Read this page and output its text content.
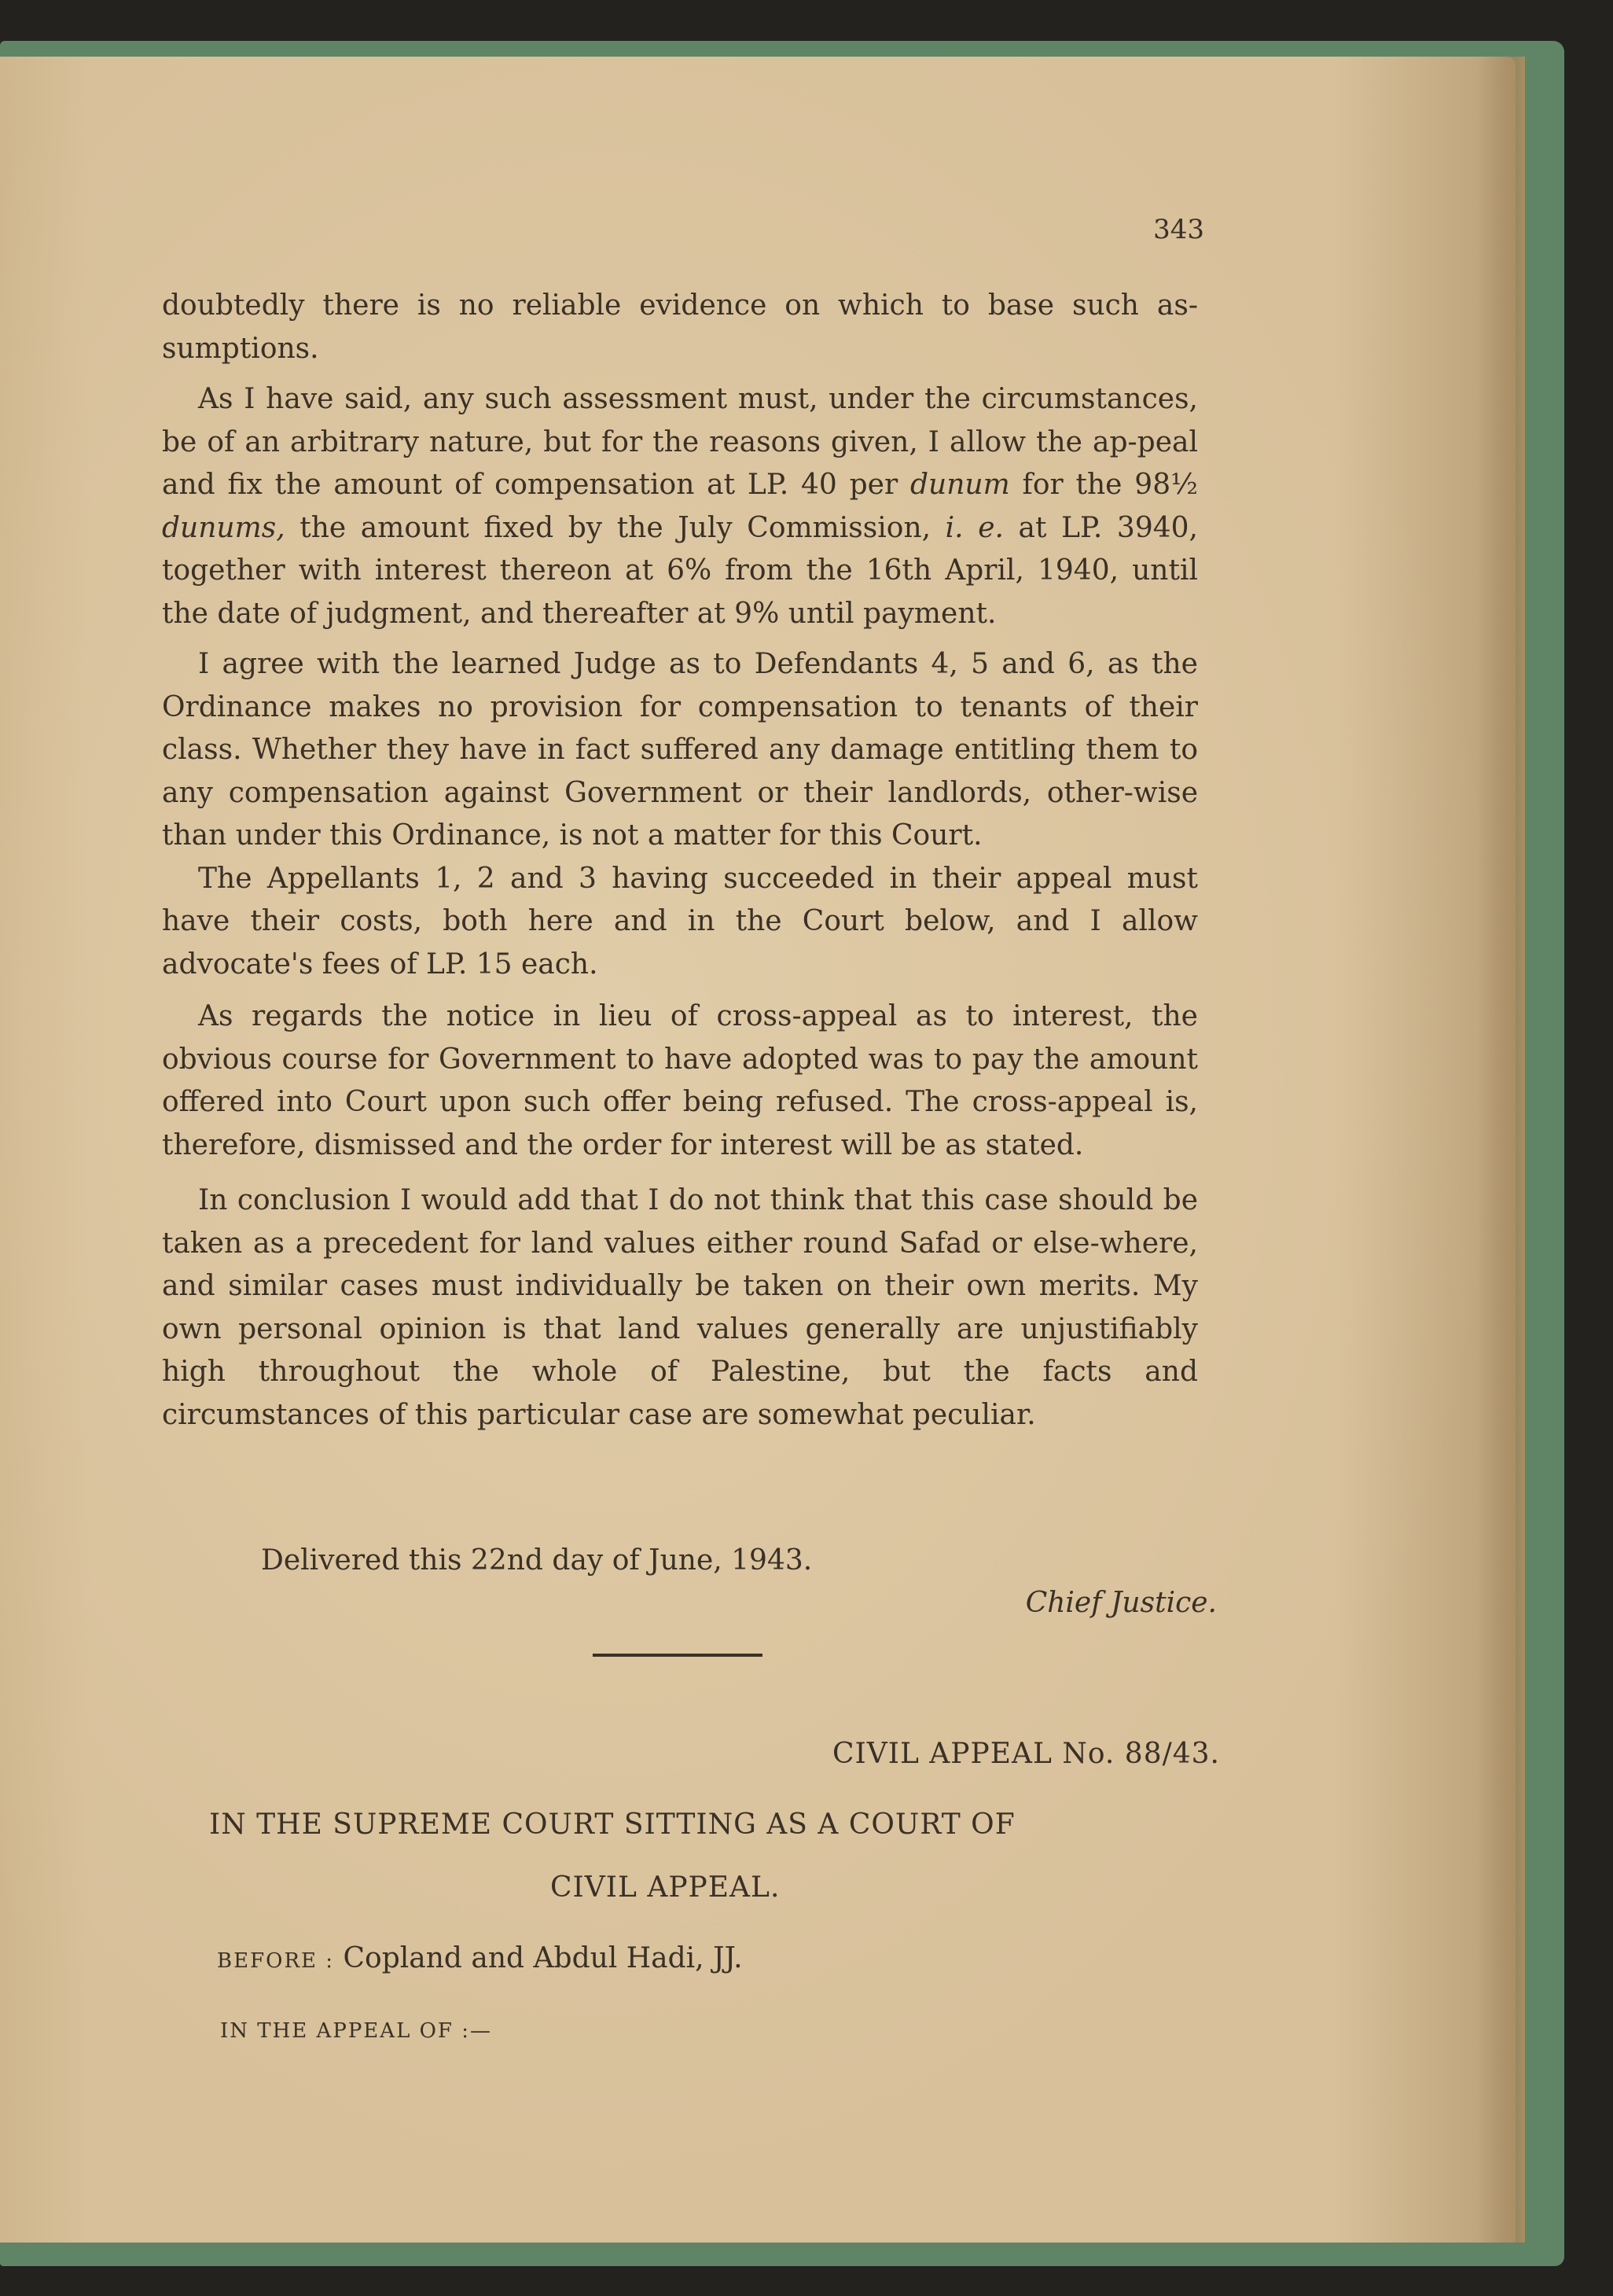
343

doubtedly there is no reliable evidence on which to base such as-sumptions.

As I have said, any such assessment must, under the circumstances, be of an arbitrary nature, but for the reasons given, I allow the ap-peal and fix the amount of compensation at LP. 40 per dunum for the 98½ dunums, the amount fixed by the July Commission, i. e. at LP. 3940, together with interest thereon at 6% from the 16th April, 1940, until the date of judgment, and thereafter at 9% until payment.

I agree with the learned Judge as to Defendants 4, 5 and 6, as the Ordinance makes no provision for compensation to tenants of their class. Whether they have in fact suffered any damage entitling them to any compensation against Government or their landlords, other-wise than under this Ordinance, is not a matter for this Court.

The Appellants 1, 2 and 3 having succeeded in their appeal must have their costs, both here and in the Court below, and I allow advocate's fees of LP. 15 each.

As regards the notice in lieu of cross-appeal as to interest, the obvious course for Government to have adopted was to pay the amount offered into Court upon such offer being refused. The cross-appeal is, therefore, dismissed and the order for interest will be as stated.

In conclusion I would add that I do not think that this case should be taken as a precedent for land values either round Safad or else-where, and similar cases must individually be taken on their own merits. My own personal opinion is that land values generally are unjustifiably high throughout the whole of Palestine, but the facts and circumstances of this particular case are somewhat peculiar.

Delivered this 22nd day of June, 1943.
Chief Justice.
CIVIL APPEAL No. 88/43.
IN THE SUPREME COURT SITTING AS A COURT OF
CIVIL APPEAL.
BEFORE : Copland and Abdul Hadi, JJ.
IN THE APPEAL OF :—
